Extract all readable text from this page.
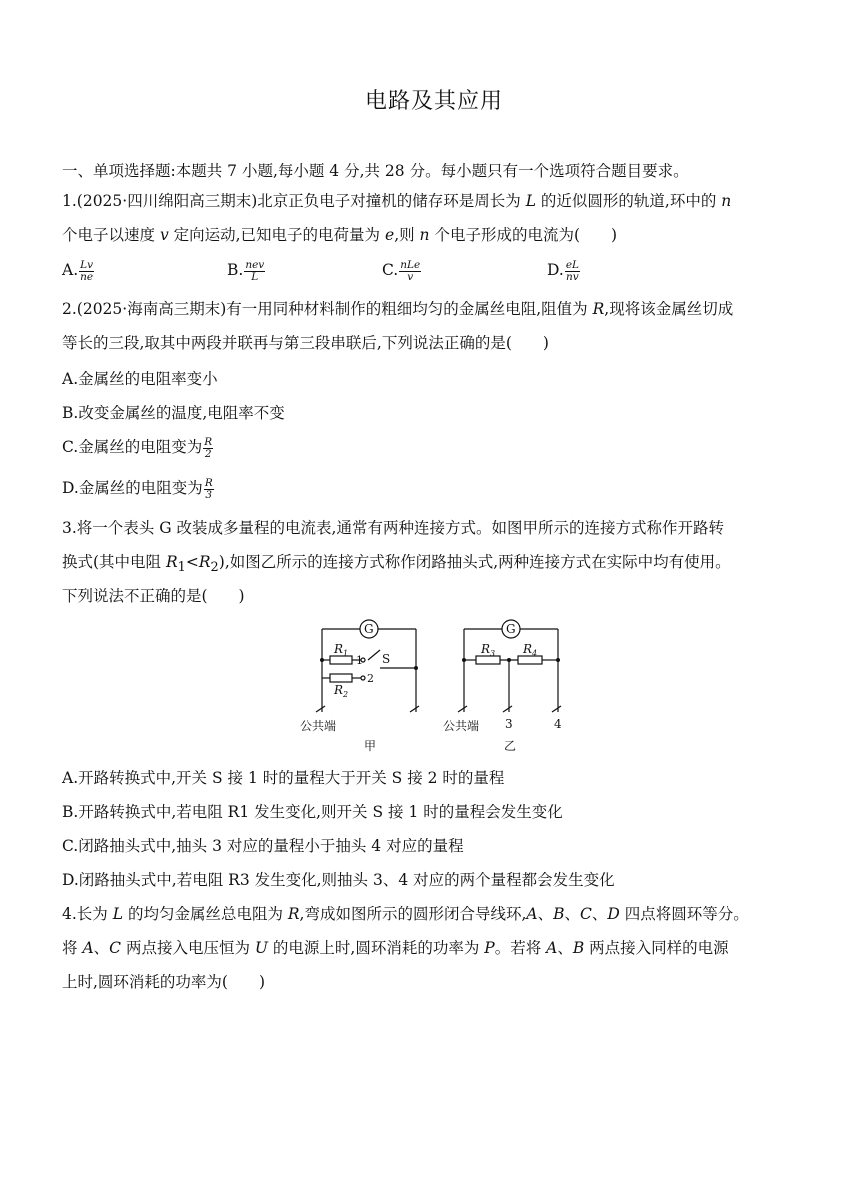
电路及其应用
一、单项选择题:本题共 7 小题,每小题 4 分,共 28 分。每小题只有一个选项符合题目要求。
1.(2025·四川绵阳高三期末)北京正负电子对撞机的储存环是周长为 L 的近似圆形的轨道,环中的 n
个电子以速度 v 定向运动,已知电子的电荷量为 e,则 n 个电子形成的电流为(　　)
A. $\frac{Lv}{ne}$	B. $\frac{\text{nev}}{L}$	C. $\frac{\text{nLe}}{v}$	D. $\frac{eL}{nv}$
2.(2025·海南高三期末)有一用同种材料制作的粗细均匀的金属丝电阻,阻值为 R,现将该金属丝切成
等长的三段,取其中两段并联再与第三段串联后,下列说法正确的是(　　)
A.金属丝的电阻率变小
B.改变金属丝的温度,电阻率不变
C.金属丝的电阻变为 $\frac{R}{2}$
D.金属丝的电阻变为 $\frac{R}{3}$
3.将一个表头 G 改装成多量程的电流表,通常有两种连接方式。如图甲所示的连接方式称作开路转
换式(其中电阻 $R_1<R_2$),如图乙所示的连接方式称作闭路抽头式,两种连接方式在实际中均有使用。
下列说法不正确的是(　　)
G	G
$R_1$
$R_2$
$R_3$ $R_4$
S
1
2
3	4
公共端	公共端
甲	乙
A.开路转换式中,开关 S 接 1 时的量程大于开关 S 接 2 时的量程
B.开路转换式中,若电阻 R1 发生变化,则开关 S 接 1 时的量程会发生变化
C.闭路抽头式中,抽头 3 对应的量程小于抽头 4 对应的量程
D.闭路抽头式中,若电阻 R3 发生变化,则抽头 3、4 对应的两个量程都会发生变化
4.长为 L 的均匀金属丝总电阻为 R,弯成如图所示的圆形闭合导线环,A、B、C、D 四点将圆环等分。
将 A、C 两点接入电压恒为 U 的电源上时,圆环消耗的功率为 P。若将 A、B 两点接入同样的电源
上时,圆环消耗的功率为(　　)
